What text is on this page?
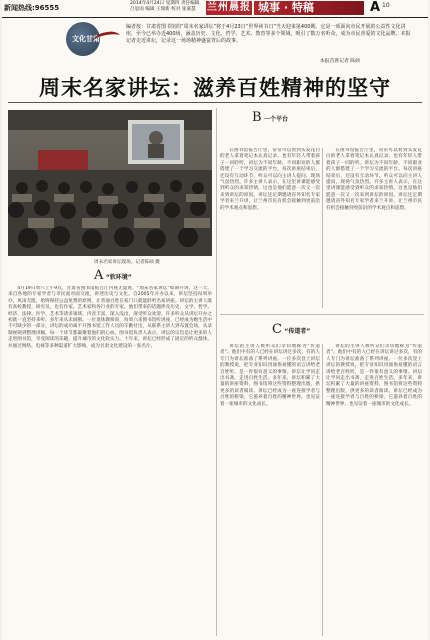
新闻热线:96555
2014年4月24日 星期四 责任编辑 吕思雨 编辑 王瑞新 校对 张嘉慧	兰州晨报 城事 · 特稿	A 10
文化甘肃
编者按：甘肃省图书馆的“周末名家讲坛”将于4月23日“世界读书日”当天迎来第400期。它是一项面向市民开展的公益性文化讲座，至今已举办近400场，涵盖历史、文化、哲学、艺术、教育等多个领域，吸引了数万名听众，成为市民喜爱的文化品牌。本报记者走近讲坛，记录这一场场精神盛宴背后的故事。
本报首席记者 陈硕
周末名家讲坛：滋养百姓精神的坚守
周末名家讲坛现场。记者陈硕 摄
A “软环境”

4月19日周六上午9点，甘肃省图书馆报告厅内座无虚席，“周末名家讲坛”如期开讲。这一天，来自各地的专家学者与市民面对面交流，讲述历史与文化。自2005年开办以来，讲坛坚持每周举办，风雨无阻，始终保持公益免费的原则，让普通百姓在家门口就能聆听名家讲座。讲坛的主讲人既有高校教授、研究员，也有作家、艺术家和各行业的专家。他们带来的话题涉及历史、文学、哲学、经济、法律、医学、艺术等诸多领域，内容丰富，深入浅出，深受听众欢迎。许多听众从讲坛开办之初就一直坚持来听，多年来从未间断。一位退休教师说，每周六来图书馆听讲座，已经成为她生活中不可缺少的一部分。讲坛的成功离不开图书馆工作人员的辛勤付出，从联系主讲人到布置会场，从录制视频到整理讲稿，每一个环节都凝聚着他们的心血。图书馆负责人表示，讲坛的宗旨是让更多的人走进图书馆，享受阅读的乐趣，提升城市的文化软实力。十年来，讲坛已经形成了固定的听众群体，并通过网络、电视等多种渠道扩大影响，成为甘肃文化建设的一张名片。

B 一个平台

在图书馆报告厅里，常常可以看到头发花白的老人拿着笔记本认真记录，也有年轻人带着孩子一同聆听。讲坛为不同年龄、不同职业的人群搭建了一个学习交流的平台。每次讲座结束后，还设有互动环节，听众可以向主讲人提问，现场气氛热烈。许多主讲人表示，在这里讲课能感受到听众的求知热情，这也是他们愿意一次又一次来到讲坛的原因。讲坛还定期邀请省外知名专家学者来兰开讲，让兰州市民有机会接触到更前沿的学术观点和思想。

在图书馆报告厅里，常常可以看到头发花白的老人拿着笔记本认真记录，也有年轻人带着孩子一同聆听。讲坛为不同年龄、不同职业的人群搭建了一个学习交流的平台。每次讲座结束后，还设有互动环节，听众可以向主讲人提问，现场气氛热烈。许多主讲人表示，在这里讲课能感受到听众的求知热情，这也是他们愿意一次又一次来到讲坛的原因。讲坛还定期邀请省外知名专家学者来兰开讲，让兰州市民有机会接触到更前沿的学术观点和思想。

C “传道者”

讲坛的主讲人被听众们亲切地称为“传道者”。他们中有的人已经在讲坛讲过多次，有的人专门为讲坛准备了系列讲座。一位多次登上讲坛的教授说，把专业知识用通俗易懂的语言讲给老百姓听，是一件很有意义的事情。讲坛让学问走出书斋，走进百姓生活。多年来，讲坛积累了大量的讲座资料，图书馆将这些资料整理出版，供更多的读者阅读。讲坛已经成为一座连接学者与百姓的桥梁，它滋养着百姓的精神世界，也见证着一座城市的文化成长。

讲坛的主讲人被听众们亲切地称为“传道者”。他们中有的人已经在讲坛讲过多次，有的人专门为讲坛准备了系列讲座。一位多次登上讲坛的教授说，把专业知识用通俗易懂的语言讲给老百姓听，是一件很有意义的事情。讲坛让学问走出书斋，走进百姓生活。多年来，讲坛积累了大量的讲座资料，图书馆将这些资料整理出版，供更多的读者阅读。讲坛已经成为一座连接学者与百姓的桥梁，它滋养着百姓的精神世界，也见证着一座城市的文化成长。
